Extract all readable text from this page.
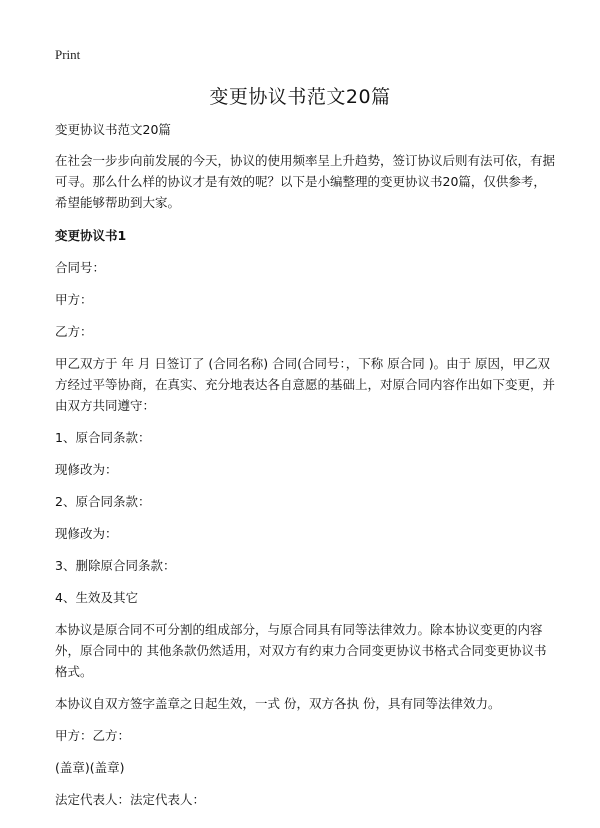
Print
变更协议书范文20篇

变更协议书范文20篇

在社会一步步向前发展的今天，协议的使用频率呈上升趋势，签订协议后则有法可依，有据可寻。那么什么样的协议才是有效的呢？以下是小编整理的变更协议书20篇，仅供参考，希望能够帮助到大家。

变更协议书1

合同号：

甲方：

乙方：

甲乙双方于 年 月 日签订了 (合同名称) 合同(合同号：，下称 原合同 )。由于 原因，甲乙双方经过平等协商，在真实、充分地表达各自意愿的基础上，对原合同内容作出如下变更，并由双方共同遵守：

1、原合同条款：

现修改为：

2、原合同条款：

现修改为：

3、删除原合同条款：

4、生效及其它

本协议是原合同不可分割的组成部分，与原合同具有同等法律效力。除本协议变更的内容外，原合同中的 其他条款仍然适用，对双方有约束力合同变更协议书格式合同变更协议书格式。

本协议自双方签字盖章之日起生效，一式 份，双方各执 份，具有同等法律效力。

甲方：乙方：

(盖章)(盖章)

法定代表人：法定代表人：
